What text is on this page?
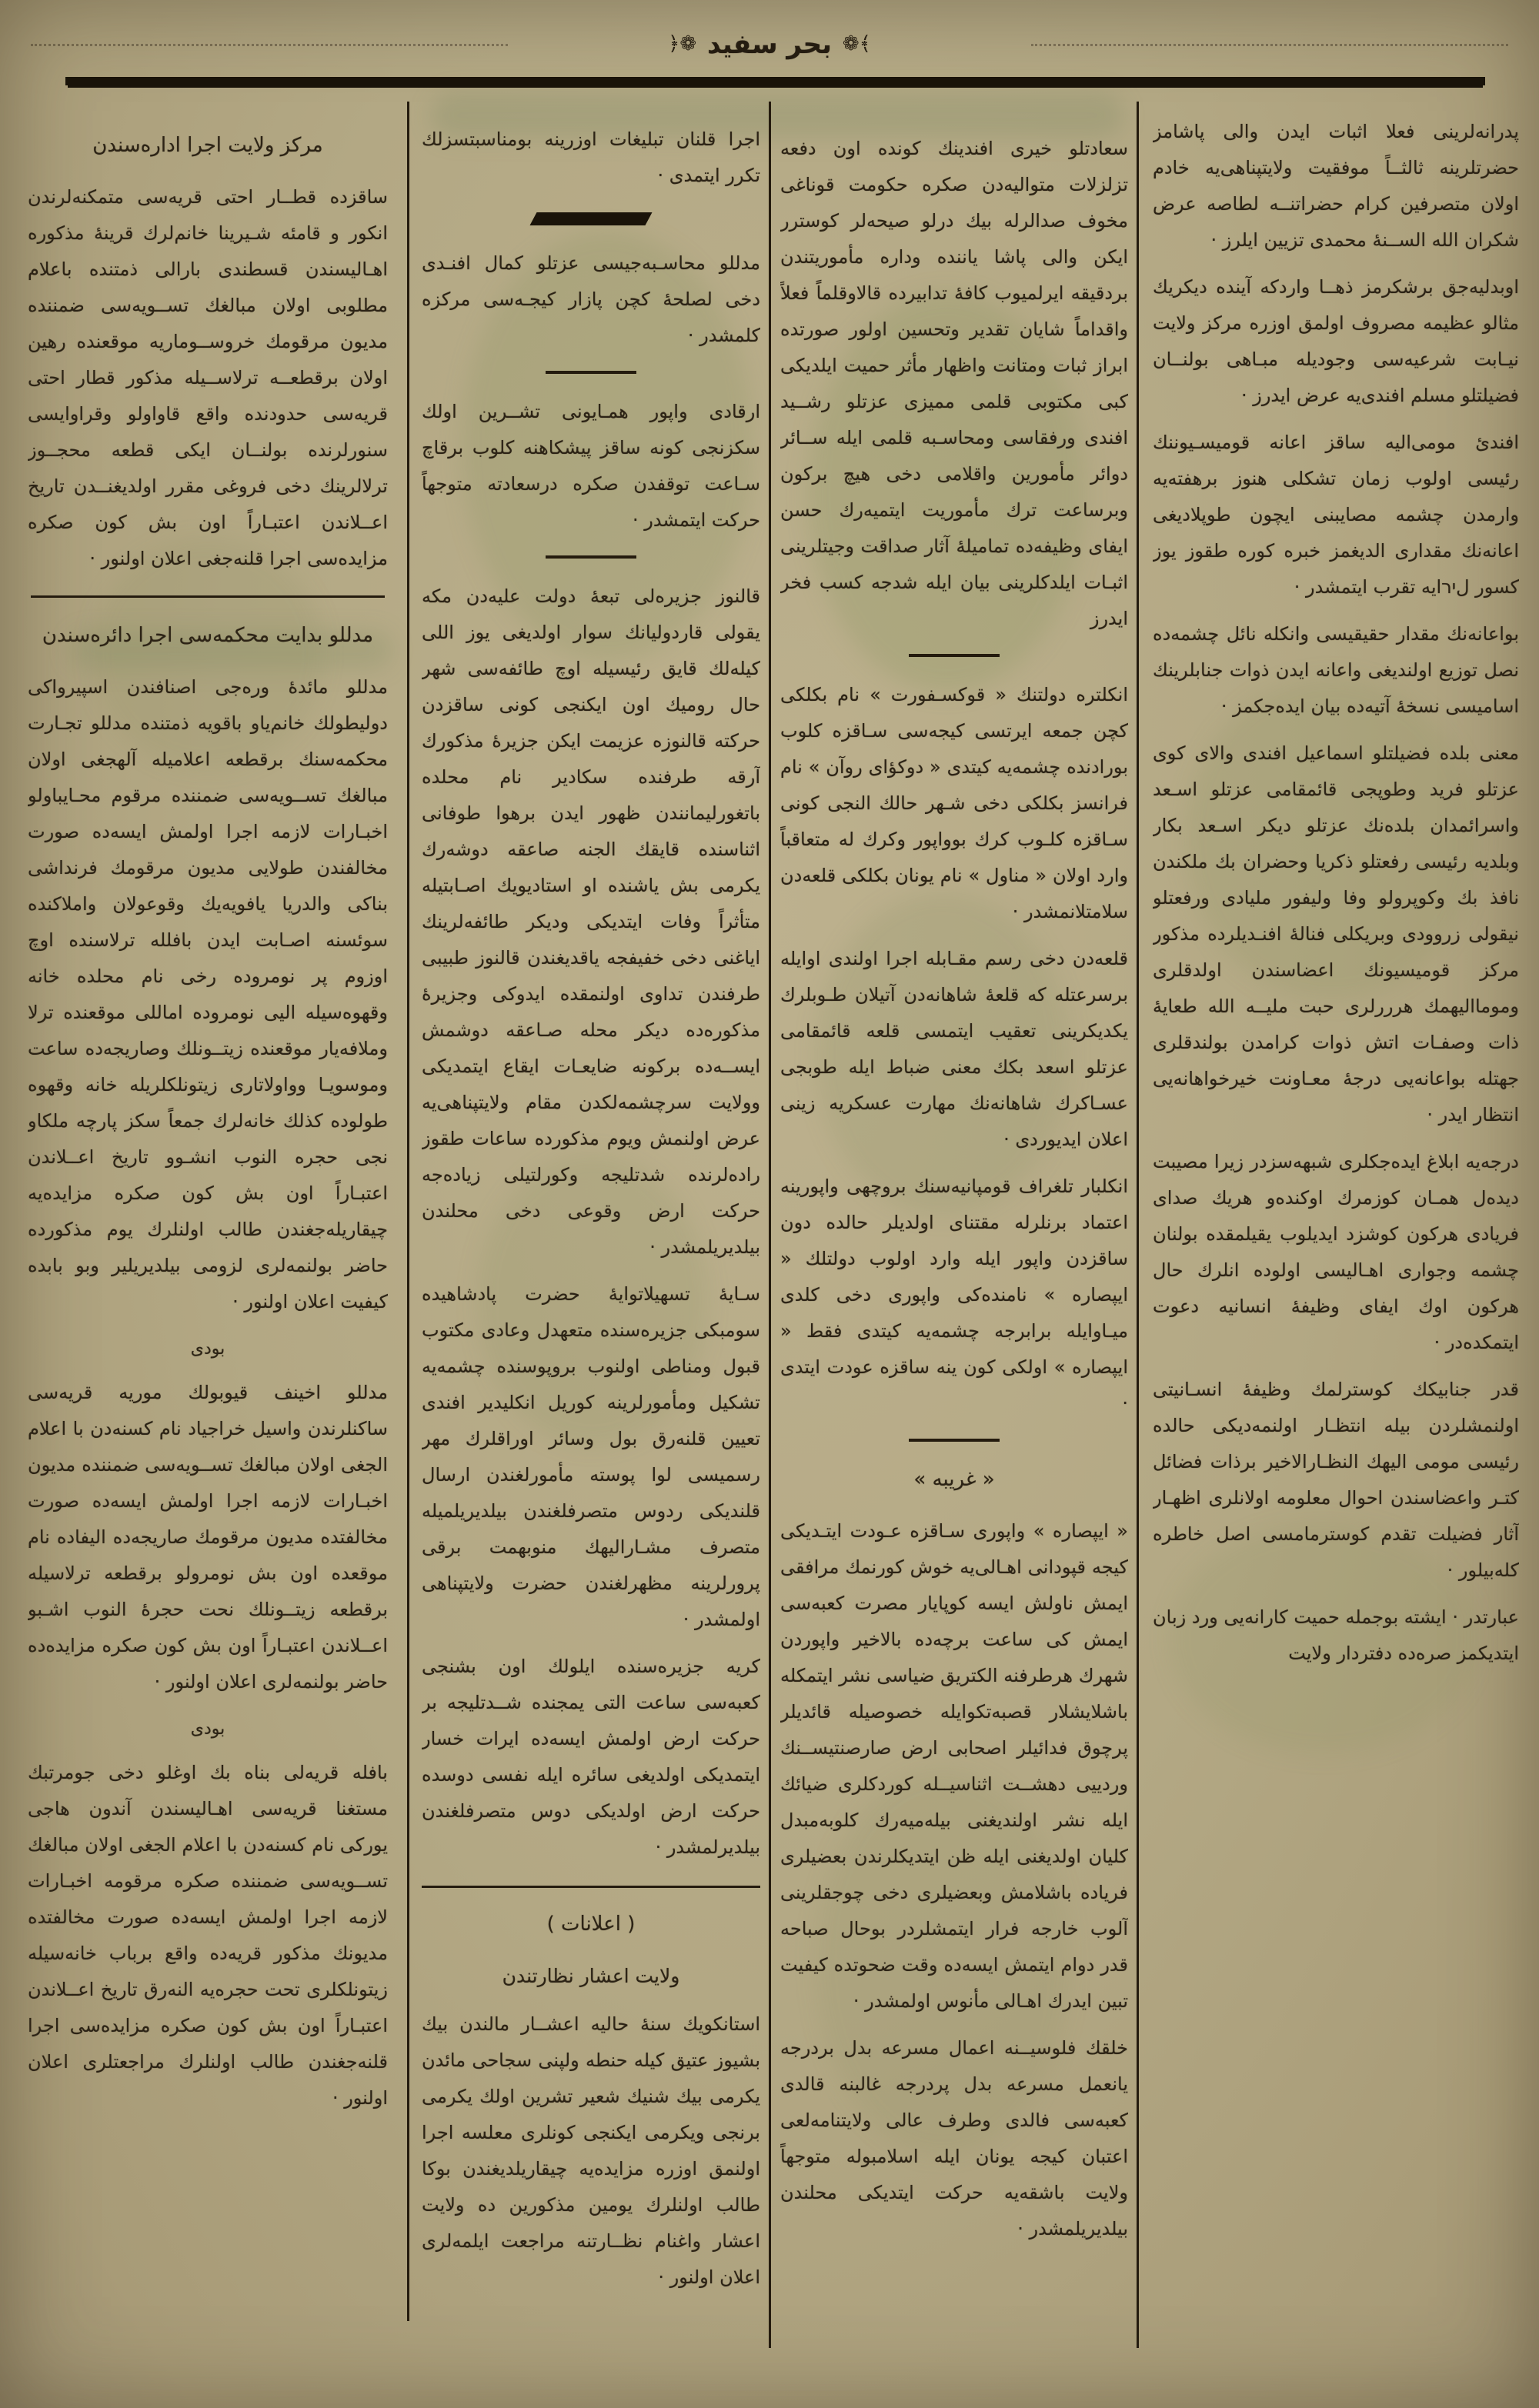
﴾❁بحر سفيد❁﴿
مركز ولايت اجرا اداره‌سندن
ساقزده قطــار احتى قريه‌سى متمكنه‌لرندن انكور و قامئه شـيرينا خانم‌لرك قرينهٔ مذكوره اهـاليسندن قسطندى بارالى ذمتنده باعلام مطلوبى اولان مبالغك تســويه‌سى ضمننده مديون مرقومك خروســوماريه موقعنده رهين اولان برقطعــه ترلاســيله مذكور قطار احتى قريه‌سى حدودنده واقع قاواولو وقراوايسى سنورلرنده بولنــان ايكى قطعه محجــوز ترلالرينك دخى فروغى مقرر اولديغنــدن تاريخ اعــلاندن اعتبـاراً اون بش كون صكره مزايده‌سى اجرا قلنه‌جغى اعلان اولنور ·
مدللو بدايت محكمه‌سى اجرا دائره‌سندن
مدللو مائدهٔ وره‌جى اصنافندن اسپيرواكى دوليطولك خانم‌ياو باقويه ذمتنده مدللو تجـارت محكمه‌سنك برقطعه اعلاميله آلهجغى اولان مبالغك تســويه‌سى ضمننده مرقوم محـايباولو اخبـارات لازمه اجرا اولمش ايسه‌ده صورت مخالفندن طولايى مديون مرقومك فرنداشى بناكى والدريا يافويه‌يك وقوعولان واملاكنده سوئسنه اصـابت ايدن بافلله ترلاسنده اوچ اوزوم پر نومروده رخى نام محلده خانه وقهوه‌سيله اليى نومروده اماللى موقعنده ترلا وملافه‌يار موقعنده زيتــونلك وصاريجه‌ده ساعت وموسويـا وواولاتارى زيتونلكلريله خانه وقهوه طولوده كذلك خانه‌لرك جمعاً سكز پارچه ملكاو نجى حجره النوب انشـوو تاريخ اعــلاندن اعتبـاراً اون بش كون صكره مزايده‌يه چيقاريله‌جغندن طالب اولنلرك يوم مذكورده حاضر بولنمه‌لرى لزومى بيلديريلير وبو بابده كيفيت اعلان اولنور ·
بودى
مدللو اخينف قيوبولك موريه قريه‌سى ساكنلرندن واسيل خراجياد نام كسنه‌دن با اعلام الجغى اولان مبالغك تســويه‌سى ضمننده مديون اخبـارات لازمه اجرا اولمش ايسه‌ده صورت مخالفتده مديون مرقومك صاريجه‌ده اليفاده نام موقعده اون بش نومرولو برقطعه ترلاسيله برقطعه زيتــونلك نحت حجرهٔ النوب اشـبو اعــلاندن اعتبـاراً اون بش كون صكره مزايده‌ده حاضر بولنمه‌لرى اعلان اولنور ·
بودى
بافله قريه‌لى بناه بك اوغلو دخى جومرتبك مستغنا قريه‌سى اهـاليسندن آندون هاجى يوركى نام كسنه‌دن با اعلام الجغى اولان مبالغك تســويه‌سى ضمننده صكره مرقومه اخبـارات لازمه اجرا اولمش ايسه‌ده صورت مخالفتده مديونك مذكور قريه‌ده واقع برباب خانه‌سيله زيتونلكلرى تحت حجره‌يه النه‌رق تاريخ اعــلاندن اعتبـاراً اون بش كون صكره مزايده‌سى اجرا قلنه‌جغندن طالب اولنلرك مراجعتلرى اعلان اولنور ·
اجرا قلنان تبليغات اوزرينه بومناسبتسزلك تكرر ايتمدى ·
مدللو محاسـبه‌جيسى عزتلو كمال افنـدى دخى لصلحهٔ كچن پازار كيجـه‌سى مركزه كلمشدر ·
ارقادى واپور همـايونى تشــرين اولك سكزنجى كونه ساقز پيشكاهنه كلوب برقاچ سـاعت توقفدن صكره درسعادته متوجهاً حركت ايتمشدر ·
قالنوز جزيره‌لى تبعهٔ دولت عليه‌دن مكه يقولى قاردوليانك سوار اولديغى يوز اللى كيله‌لك قايق رئيسيله اوچ طائفه‌سى شهر حال روميك اون ايكنجى كونى ساقزدن حركته قالنوزه عزيمت ايكن جزيرهٔ مذكورك آرقه طرفنده سكادير نام محلده باتغورليمانندن ظهور ايدن برهوا طوفانى اثناسنده قايقك الجنه صاعقه دوشه‌رك يكرمى بش ياشنده او استاديويك اصـابتيله متأثراً وفات ايتديكى وديكر طائفه‌لرينك اياغنى دخى خفيفجه ياقديغندن قالنوز طبيبى طرفندن تداوى اولنمقده ايدوكى وجزيرهٔ مذكوره‌ده ديكر محله صـاعقه دوشمش ايســه‌ده بركونه ضايعـات ايقاع ايتمديكى وولايت سرچشمه‌لكدن مقام ولايتپناهى‌يه عرض اولنمش ويوم مذكورده ساعات طقوز راده‌لرنده شدتليجه وكورلتيلى زياده‌جه حركت ارض وقوعى دخى محلندن بيلديريلمشدر ·
سـايهٔ تسهيلاتوايهٔ حضرت پادشاهيده سومبكى جزيره‌سنده متعهدل وعادى مكتوب قبول ومناطى اولنوب بروپوسنده چشمه‌يه تشكيل ومأمورلرينه كوريل انكليدير افندى تعيين قلنه‌رق بول وسائر اوراقلرك مهر رسميسى لوا پوسته مأمورلغندن ارسال قلنديكى ردوس متصرفلغندن بيلديريلميله متصرف مشـاراليهك منوبهمت برقى پرورلرينه مظهرلغندن حضرت ولايتپناهى اولمشدر ·
كريه جزيره‌سنده ايلولك اون بشنجى كعبه‌سى ساعت التى يمجنده شــدتليجه بر حركت ارض اولمش ايسه‌ده ايرات خسار ايتمديكى اولديغى سائره ايله نفسى دوسده حركت ارض اولديكى دوس متصرفلغندن بيلديرلمشدر ·
( اعلانات )
ولايت اعشار نظارتندن
استانكويك سنهٔ حاليه اعشــار مالندن بيك بشيوز عتيق كيله حنطه ولپنى سجاحى مائدن يكرمى بيك شنيك شعير تشرين اولك يكرمى برنجى ويكرمى ايكنجى كونلرى معلسه اجرا اولنمق اوزره مزايده‌يه چيقاريلديغندن بوكا طالب اولنلرك يومين مذكورين ده ولايت اعشار واغنام نظــارتنه مراجعت ايلمه‌لرى اعلان اولنور ·
سعادتلو خيرى افندينك كونده اون دفعه تزلزلات متواليه‌دن صكره حكومت قوناغى مخوف صدالرله بيك درلو صيحه‌لر كوسترر ايكن والى پاشا ياننده وداره مأموريتندن بردقيقه ايرلميوب كافهٔ تدابيرده قالاوقلماً فعلاً واقداماً شايان تقدير وتحسين اولور صورتده ابراز ثبات ومتانت واظهار مأثر حميت ايلديكى كبى مكتوبى قلمى مميزى عزتلو رشــيد افندى ورفقاسى ومحاسـبه قلمى ايله ســائر دوائر مأمورين واقلامى دخى هيچ بركون وبرساعت ترك مأموريت ايتميه‌رك حسن ايفاى وظيفه‌ده تماميلهٔ آثار صداقت وجيتلرينى اثبـات ايلدكلرينى بيان ايله شدجه كسب فخر ايدرز
انكلتره دولتنك « قوكسـفورت » نام بكلكى كچن جمعه ايرتسى كيجه‌سى سـاقزه كلوب بورادنده چشمه‌يه كيتدى « دوكؤاى روآن » نام فرانسز بكلكى دخى شـهر حالك النجى كونى سـاقزه كلـوب كرك بوواپور وكرك له متعاقباً وارد اولان « مناول » نام يونان بكلكى قلعه‌دن سلامتلانمشدر ·
قلعه‌دن دخى رسم مقـابله اجرا اولندى اوايله برسرعتله كه قلعهٔ شاهانه‌دن آتيلان طـوبلرك يكديكرينى تعقيب ايتمسى قلعه قائمقامى عزتلو اسعد بكك معنى ضباط ايله طوبجى عسـاكرك شاهانه‌نك مهارت عسكريه زينى اعلان ايديوردى ·
انكلبار تلغراف قومپانيه‌سنك بروچهى واپورينه اعتماد برنلرله مقتناى اولديلر حالده دون ساقزدن واپور ايله وارد اولوب دولتلك « ايپصاره » نامنده‌كى واپورى دخى كلدى ميـاوايله برابرجه چشمه‌يه كيتدى فقط « ايپصاره » اولكى كون ينه ساقزه عودت ايتدى ·
« غريبه »
« ايپصاره » واپورى سـاقزه عـودت ايتـديكى كيجه قپودانى اهـالى‌يه خوش كورنمك مرافقى ايمش ناولش ايسه كوپايار مصرت كعبه‌سى ايمش كى ساعت برچه‌ده بالاخير واپوردن شهرك هرطرفنه الكتريق ضياسى نشر ايتمكله باشلايشلار قصبه‌تكوايله خصوصيله قائديلر پرچوق فدائيلر اصحابى ارض صارصنتيســنك وردييى دهشــت اثناسيــله كوردكلرى ضيائك ايله نشر اولنديغنى بيله‌ميه‌رك كلوبه‌مبدل كليان اولديغنى ايله ظن ايتديكلرندن بعضيلرى فرياده باشلامش وبعضيلرى دخى چوجقلرينى آلوب خارجه فرار ايتمشلردر بوحال صباحه قدر دوام ايتمش ايسه‌ده وقت ضحوتده كيفيت تبين ايدرك اهـالى مأنوس اولمشدر ·
خلقك فلوسيــنه اعمال مسرعه بدل بردرجه يانعمل مسرعه بدل پردرجه غالبنه قالدى كعبه‌سى فالدى وطرف عالى ولايتنامه‌لعى اعتبان كيجه يونان ايله اسلامبوله متوجهاً ولايت باشقه‌يه حركت ايتديكى محلندن بيلديريلمشدر ·
پدرانه‌لرينى فعلا اثبات ايدن والى پاشامز حضرتلرينه ثالثــاً موفقيت ولايتپناهى‌يه خادم اولان متصرفين كرام حضراتنــه لطاصه عرض شكران الله الســنهٔ محمدى تزيين ايلرز ·
اوبدليه‌جق برشكرمز ذهــا واردكه آينده ديكريك مثالو عظيمه مصروف اولمق اوزره مركز ولايت نيـابت شرعيه‌سى وجوديله مبـاهى بولنــان فضيلتلو مسلم افندى‌يه عرض ايدرز ·
افندىٔ مومى‌اليه ساقز اعانه قوميسـيوننك رئيسى اولوب زمان تشكلى هنوز برهفته‌يه وارمدن چشمه مصايبنى ايچون طوپلاديغى اعانه‌نك مقدارى الديغمز خبره كوره طقوز يوز كسور لירايه تقرب ايتمشدر ·
بواعانه‌نك مقدار حقيقيسى وانكله نائل چشمه‌ده نصل توزيع اولنديغى واعانه ايدن ذوات جنابلرينك اساميسى نسخهٔ آتيه‌ده بيان ايده‌جكمز ·
معنى بلده فضيلتلو اسماعيل افندى والاى كوى عزتلو فريد وطوپجى قائمقامى عزتلو اسـعد واسرائمدان بلده‌نك عزتلو ديكر اسـعد بكار وبلديه رئيسى رفعتلو ذكريا وحضران بك ملكندن نافذ بك وكوپرولو وفا وليفور مليادى ورفعتلو نيقولى زروودى وبريكلى فنالهٔ افنـديلرده مذكور مركز قوميسيونك اعضاسندن اولدقلرى وموماالیهمك هرررلرى حبت مليــه الله طعايهٔ ذات وصفـات اتش ذوات كرامدن بولندقلرى جهتله بواعانه‌يى درجهٔ معـاونت خيرخواهانه‌يى انتظار ايدر ·
درجه‌يه ابلاغ ايده‌جكلرى شبهه‌سزدر زيرا مصيبت ديده‌ل همـان كوزمرك اوكنده‌و هريك صداى فريادى هركون كوشزد ايديلوب يقيلمقده بولنان چشمه وجوارى اهـاليسى اولوده انلرك حال هركون اوك ايفاى وظيفهٔ انسانيه دعوت ايتمكده‌در ·
قدر جنابيكك كوسترلمك وظيفهٔ انسـانيتى اولنمشلردن بيله انتظـار اولنمه‌ديكى حالده رئيسى مومى اليهك النظـارالاخير برذات فضائل كتـر واعضاسندن احوال معلومه اولانلرى اظهـار آثار فضيلت تقدم كوسترمامسى اصل خاطره كله‌بيلور ·
عبارتدر · ايشته بوجمله حميت كارانه‌يى ورد زبان ايتديكمز صره‌ده دفتردار ولايت
